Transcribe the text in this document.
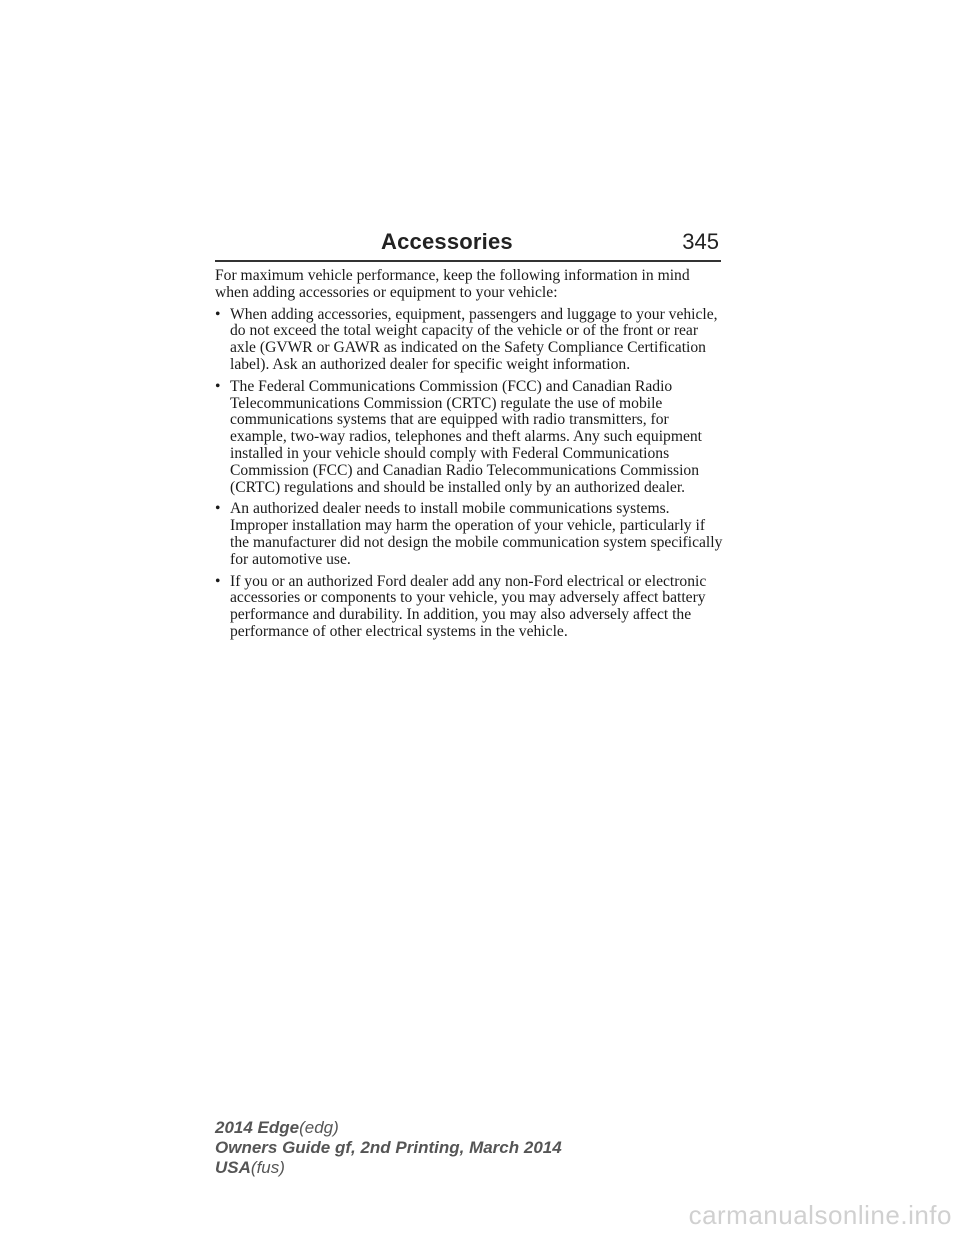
Accessories	345

For maximum vehicle performance, keep the following information in mind when adding accessories or equipment to your vehicle:

• When adding accessories, equipment, passengers and luggage to your vehicle, do not exceed the total weight capacity of the vehicle or of the front or rear axle (GVWR or GAWR as indicated on the Safety Compliance Certification label). Ask an authorized dealer for specific weight information.
• The Federal Communications Commission (FCC) and Canadian Radio Telecommunications Commission (CRTC) regulate the use of mobile communications systems that are equipped with radio transmitters, for example, two-way radios, telephones and theft alarms. Any such equipment installed in your vehicle should comply with Federal Communications Commission (FCC) and Canadian Radio Telecommunications Commission (CRTC) regulations and should be installed only by an authorized dealer.
• An authorized dealer needs to install mobile communications systems. Improper installation may harm the operation of your vehicle, particularly if the manufacturer did not design the mobile communication system specifically for automotive use.
• If you or an authorized Ford dealer add any non-Ford electrical or electronic accessories or components to your vehicle, you may adversely affect battery performance and durability. In addition, you may also adversely affect the performance of other electrical systems in the vehicle.
2014 Edge(edg)
Owners Guide gf, 2nd Printing, March 2014
USA(fus)
carmanualsonline.info
